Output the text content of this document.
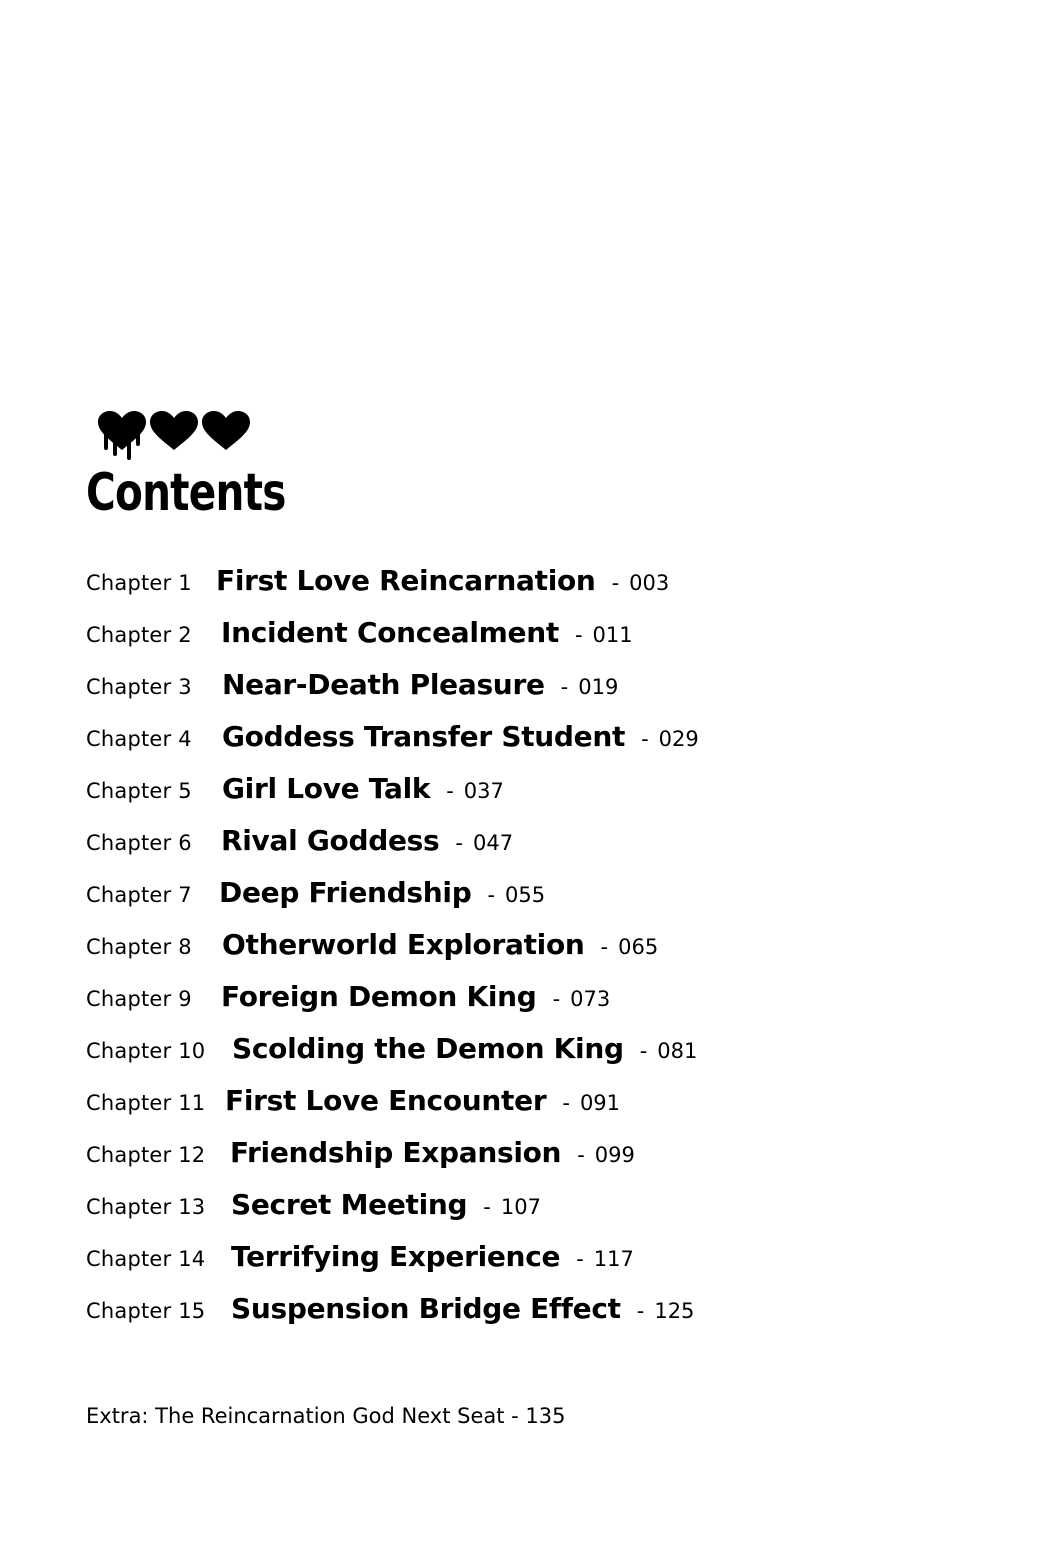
Contents
Chapter 1 First Love Reincarnation - 003
Chapter 2 Incident Concealment - 011
Chapter 3 Near-Death Pleasure - 019
Chapter 4 Goddess Transfer Student - 029
Chapter 5 Girl Love Talk - 037
Chapter 6 Rival Goddess - 047
Chapter 7 Deep Friendship - 055
Chapter 8 Otherworld Exploration - 065
Chapter 9 Foreign Demon King - 073
Chapter 10 Scolding the Demon King - 081
Chapter 11 First Love Encounter - 091
Chapter 12 Friendship Expansion - 099
Chapter 13 Secret Meeting - 107
Chapter 14 Terrifying Experience - 117
Chapter 15 Suspension Bridge Effect - 125
Extra: The Reincarnation God Next Seat - 135
